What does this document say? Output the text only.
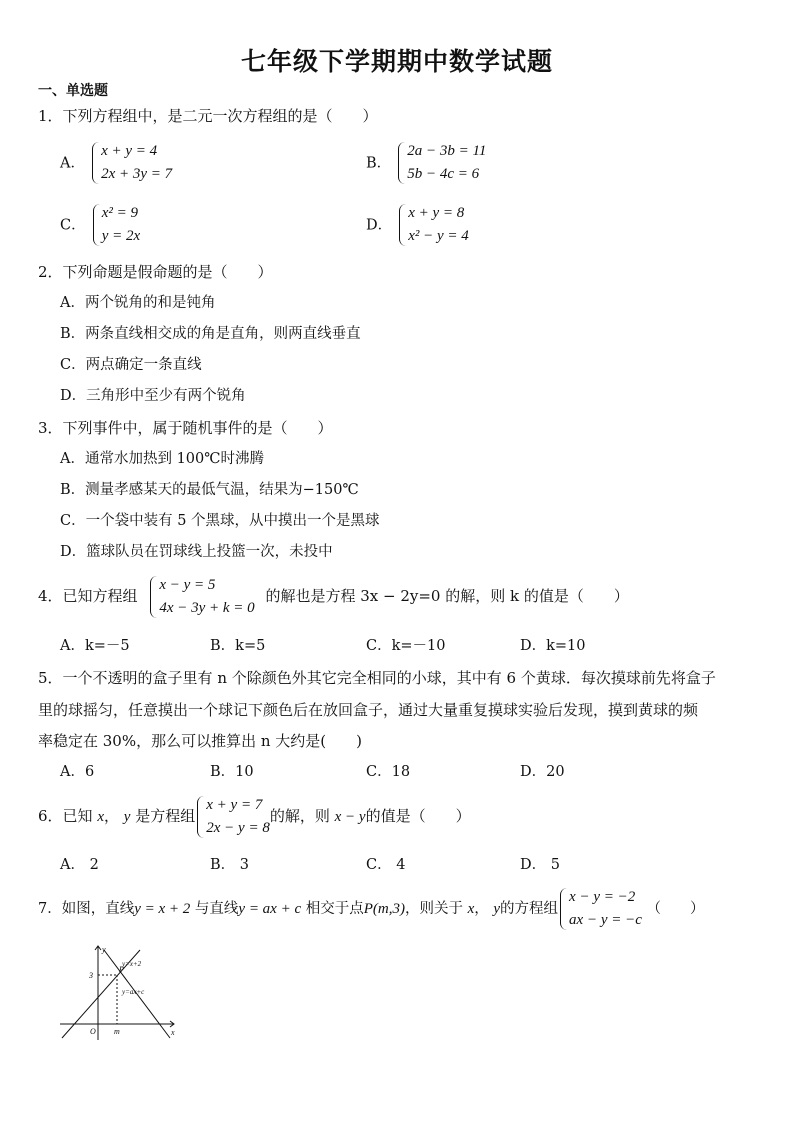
七年级下学期期中数学试题
一、单选题
1．下列方程组中，是二元一次方程组的是（　　）
A．
x + y = 4
2x + 3y = 7
B．
2a − 3b = 11
5b − 4c = 6
C．
x² = 9
y = 2x
D．
x + y = 8
x² − y = 4
2．下列命题是假命题的是（　　）
A．两个锐角的和是钝角
B．两条直线相交成的角是直角，则两直线垂直
C．两点确定一条直线
D．三角形中至少有两个锐角
3．下列事件中，属于随机事件的是（　　）
A．通常水加热到 100℃时沸腾
B．测量孝感某天的最低气温，结果为−150℃
C．一个袋中装有 5 个黑球，从中摸出一个是黑球
D．篮球队员在罚球线上投篮一次，未投中
4．已知方程组
x − y = 5
4x − 3y + k = 0
的解也是方程 3x − 2y=0 的解，则 k 的值是（　　）
A．k=－5	B．k=5	C．k=－10	D．k=10
5．一个不透明的盒子里有 n 个除颜色外其它完全相同的小球，其中有 6 个黄球．每次摸球前先将盒子
里的球摇匀，任意摸出一个球记下颜色后在放回盒子，通过大量重复摸球实验后发现，摸到黄球的频
率稳定在 30%，那么可以推算出 n 大约是(　　)
A．6	B．10	C．18	D．20
6．已知 x， y 是方程组
x + y = 7
2x − y = 8
的解，则 x − y的值是（　　）
A． 2	B． 3	C． 4	D． 5
7．如图，直线y = x + 2 与直线y = ax + c 相交于点P(m,3)，则关于 x， y的方程组
x − y = −2
ax − y = −c
（　　）
y
x
3
O m
P
y=x+2
y=ax+c
